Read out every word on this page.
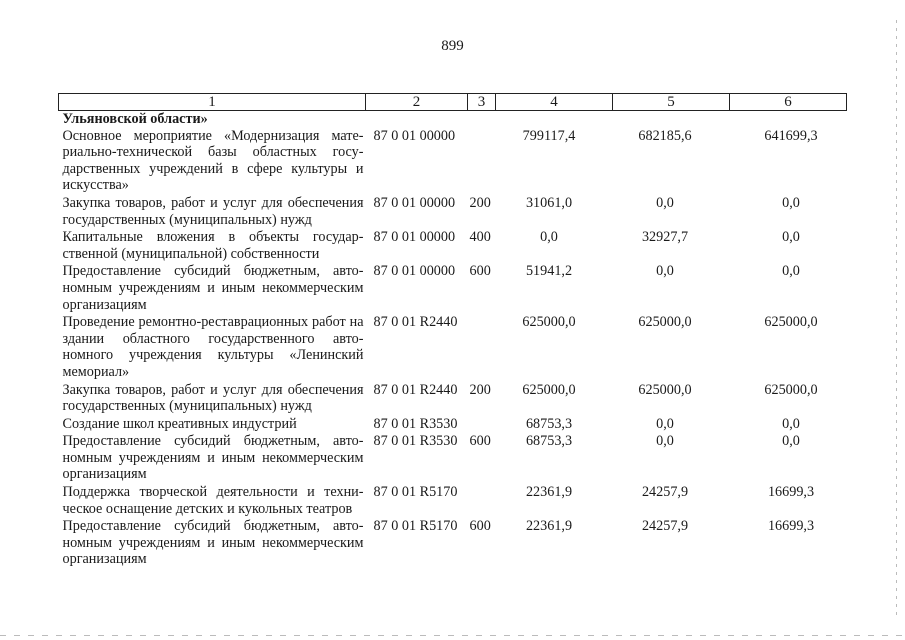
899
1	2	3	4	5	6
Ульяновской области»					
Основное мероприятие «Модернизация материально-технической базы областных государственных учреждений в сфере культуры и искусства»	87 0 01 00000		799117,4	682185,6	641699,3
Закупка товаров, работ и услуг для обеспечения государственных (муниципальных) нужд	87 0 01 00000	200	31061,0	0,0	0,0
Капитальные вложения в объекты государственной (муниципальной) собственности	87 0 01 00000	400	0,0	32927,7	0,0
Предоставление субсидий бюджетным, автономным учреждениям и иным некоммерческим организациям	87 0 01 00000	600	51941,2	0,0	0,0
Проведение ремонтно-реставрационных работ на здании областного государственного автономного учреждения культуры «Ленинский мемориал»	87 0 01 R2440		625000,0	625000,0	625000,0
Закупка товаров, работ и услуг для обеспечения государственных (муниципальных) нужд	87 0 01 R2440	200	625000,0	625000,0	625000,0
Создание школ креативных индустрий	87 0 01 R3530		68753,3	0,0	0,0
Предоставление субсидий бюджетным, автономным учреждениям и иным некоммерческим организациям	87 0 01 R3530	600	68753,3	0,0	0,0
Поддержка творческой деятельности и техническое оснащение детских и кукольных театров	87 0 01 R5170		22361,9	24257,9	16699,3
Предоставление субсидий бюджетным, автономным учреждениям и иным некоммерческим организациям	87 0 01 R5170	600	22361,9	24257,9	16699,3
